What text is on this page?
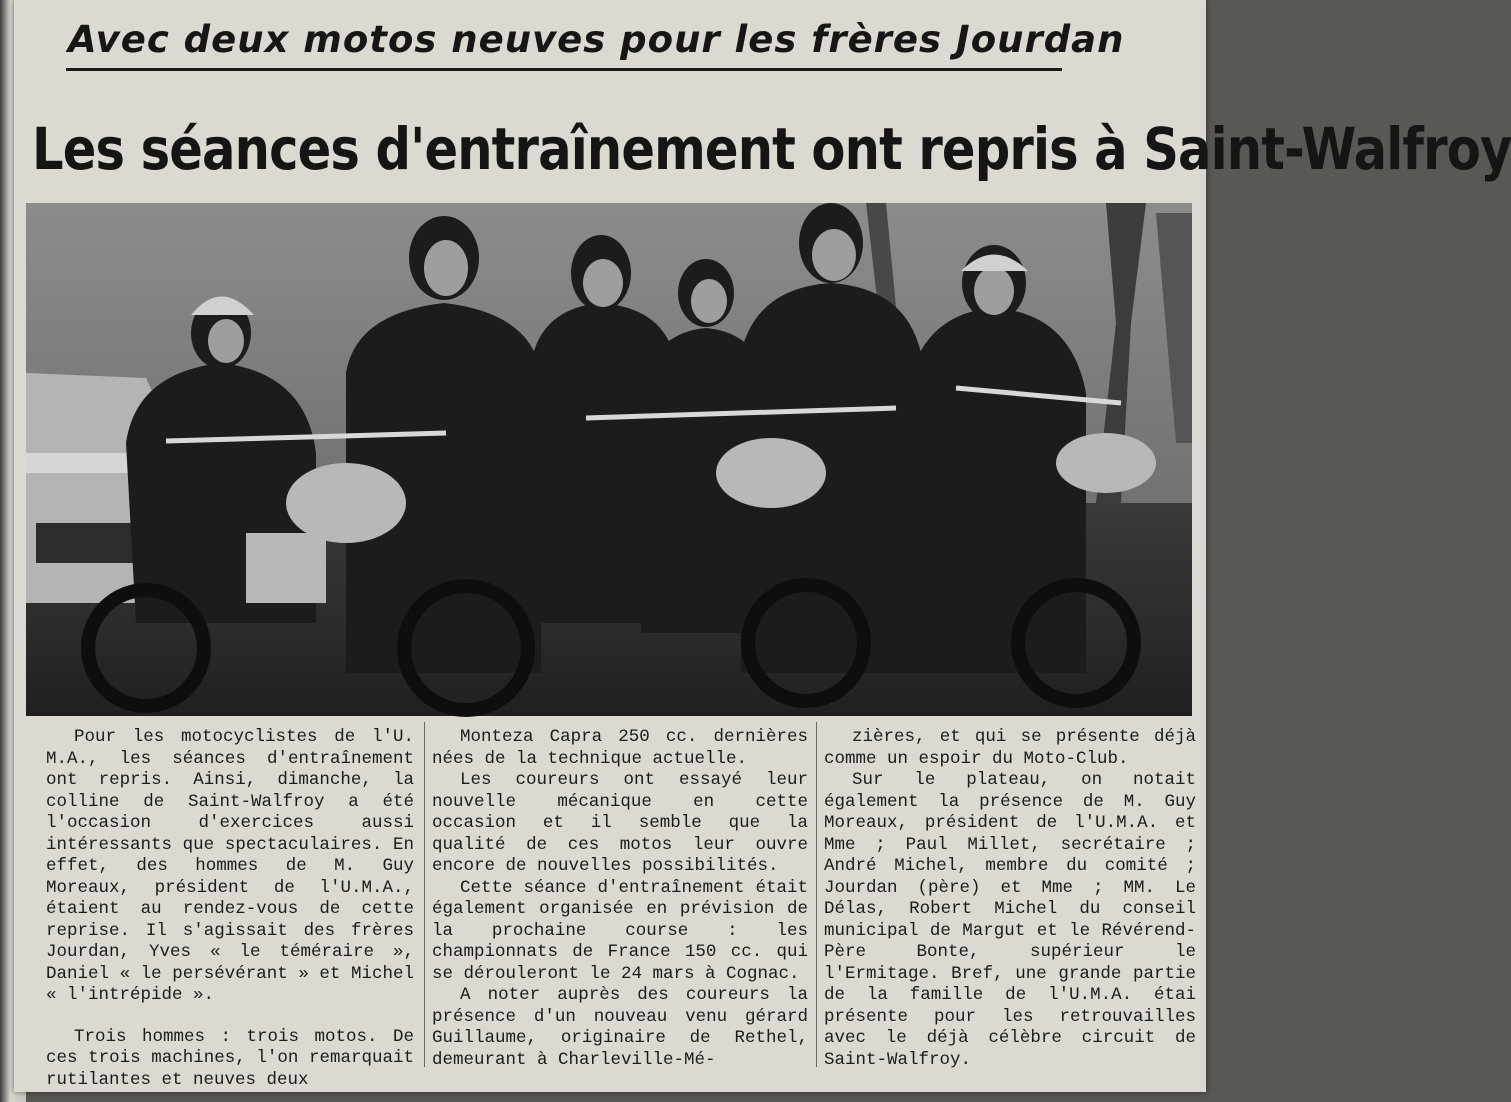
Avec deux motos neuves pour les frères Jourdan
Les séances d'entraînement ont repris à Saint-Walfroy

Pour les motocyclistes de l'U. M.A., les séances d'entraînement ont repris. Ainsi, dimanche, la colline de Saint-Walfroy a été l'occasion d'exercices aussi intéressants que spectaculaires. En effet, des hommes de M. Guy Moreaux, président de l'U.M.A., étaient au rendez-vous de cette reprise. Il s'agissait des frères Jourdan, Yves « le téméraire », Daniel « le persévérant » et Michel « l'intrépide ».

Trois hommes : trois motos. De ces trois machines, l'on remarquait rutilantes et neuves deux

Monteza Capra 250 cc. dernières nées de la technique actuelle.

Les coureurs ont essayé leur nouvelle mécanique en cette occasion et il semble que la qualité de ces motos leur ouvre encore de nouvelles possibilités.

Cette séance d'entraînement était également organisée en prévision de la prochaine course : les championnats de France 150 cc. qui se dérouleront le 24 mars à Cognac.

A noter auprès des coureurs la présence d'un nouveau venu gérard Guillaume, originaire de Rethel, demeurant à Charleville-Mé-

zières, et qui se présente déjà comme un espoir du Moto-Club.

Sur le plateau, on notait également la présence de M. Guy Moreaux, président de l'U.M.A. et Mme ; Paul Millet, secrétaire ; André Michel, membre du comité ; Jourdan (père) et Mme ; MM. Le Délas, Robert Michel du conseil municipal de Margut et le Révérend-Père Bonte, supérieur le l'Ermitage. Bref, une grande partie de la famille de l'U.M.A. étai présente pour les retrouvailles avec le déjà célèbre circuit de Saint-Walfroy.
